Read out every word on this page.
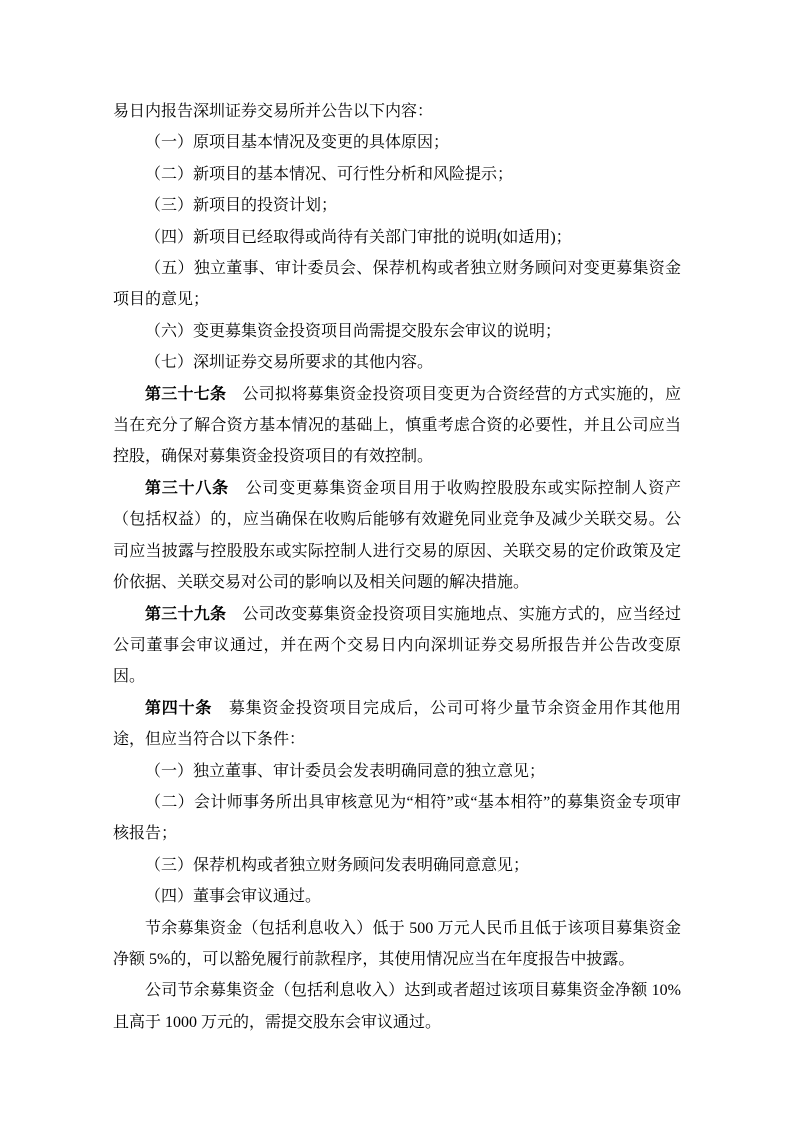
易日内报告深圳证券交易所并公告以下内容：

（一）原项目基本情况及变更的具体原因；

（二）新项目的基本情况、可行性分析和风险提示；

（三）新项目的投资计划；

（四）新项目已经取得或尚待有关部门审批的说明(如适用)；

（五）独立董事、审计委员会、保荐机构或者独立财务顾问对变更募集资金项目的意见；

（六）变更募集资金投资项目尚需提交股东会审议的说明；

（七）深圳证券交易所要求的其他内容。

第三十七条　公司拟将募集资金投资项目变更为合资经营的方式实施的，应当在充分了解合资方基本情况的基础上，慎重考虑合资的必要性，并且公司应当控股，确保对募集资金投资项目的有效控制。

第三十八条　公司变更募集资金项目用于收购控股股东或实际控制人资产（包括权益）的，应当确保在收购后能够有效避免同业竞争及减少关联交易。公司应当披露与控股股东或实际控制人进行交易的原因、关联交易的定价政策及定价依据、关联交易对公司的影响以及相关问题的解决措施。

第三十九条　公司改变募集资金投资项目实施地点、实施方式的，应当经过公司董事会审议通过，并在两个交易日内向深圳证券交易所报告并公告改变原因。

第四十条　募集资金投资项目完成后，公司可将少量节余资金用作其他用途，但应当符合以下条件：

（一）独立董事、审计委员会发表明确同意的独立意见；

（二）会计师事务所出具审核意见为“相符”或“基本相符”的募集资金专项审核报告；

（三）保荐机构或者独立财务顾问发表明确同意意见；

（四）董事会审议通过。

节余募集资金（包括利息收入）低于 500 万元人民币且低于该项目募集资金净额 5%的，可以豁免履行前款程序，其使用情况应当在年度报告中披露。

公司节余募集资金（包括利息收入）达到或者超过该项目募集资金净额 10%且高于 1000 万元的，需提交股东会审议通过。
